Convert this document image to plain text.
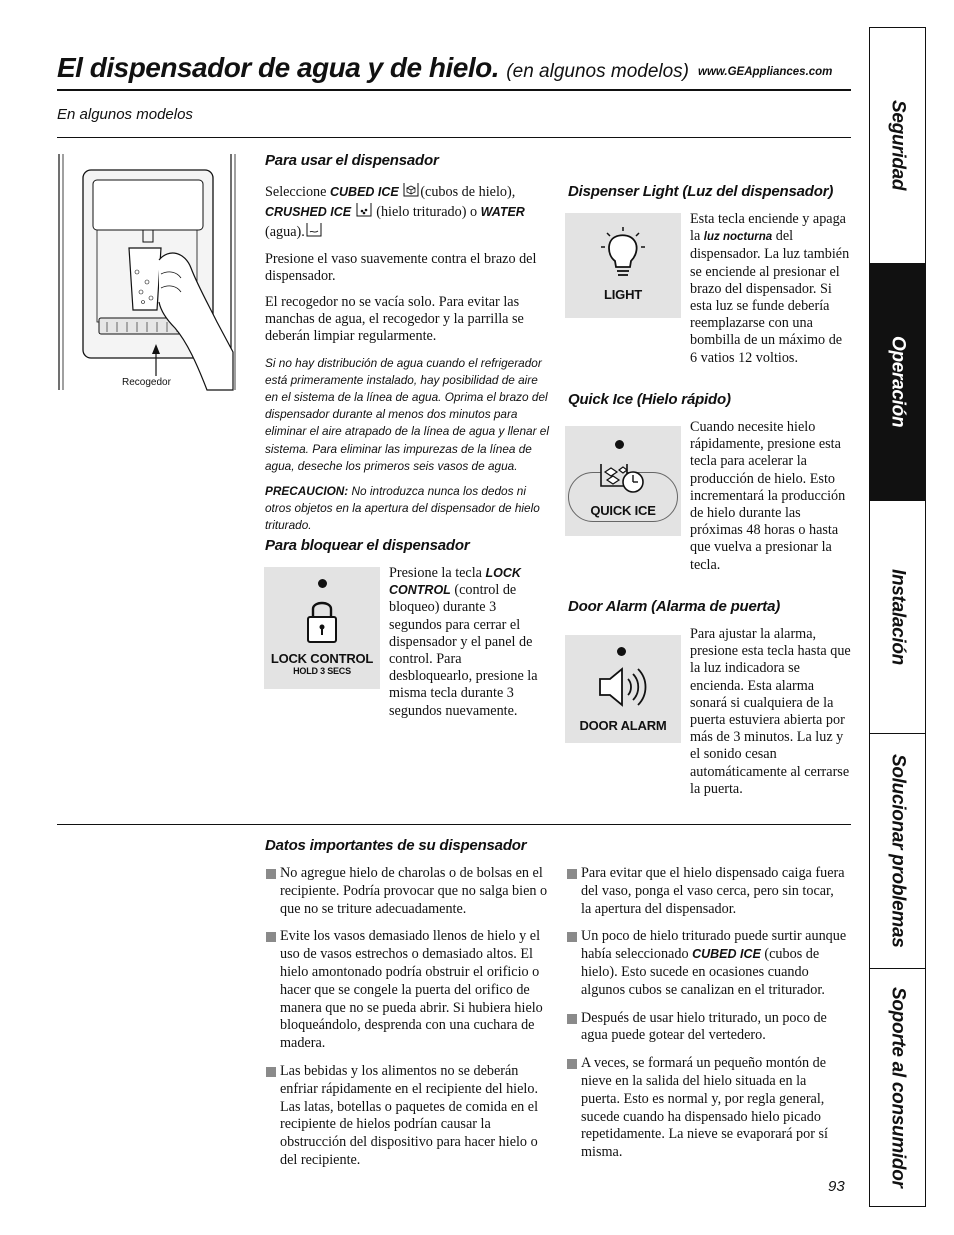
El dispensador de agua y de hielo. (en algunos modelos) www.GEAppliances.com
En algunos modelos
Recogedor
Para usar el dispensador

Seleccione CUBED ICE (cubos de hielo), CRUSHED ICE (hielo triturado) o WATER (agua).

Presione el vaso suavemente contra el brazo del dispensador.

El recogedor no se vacía solo. Para evitar las manchas de agua, el recogedor y la parrilla se deberán limpiar regularmente.

Si no hay distribución de agua cuando el refrigerador está primeramente instalado, hay posibilidad de aire en el sistema de la línea de agua. Oprima el brazo del dispensador durante al menos dos minutos para eliminar el aire atrapado de la línea de agua y llenar el sistema. Para eliminar las impurezas de la línea de agua, deseche los primeros seis vasos de agua.
PRECAUCION: No introduzca nunca los dedos ni otros objetos en la apertura del dispensador de hielo triturado.
Para bloquear el dispensador
LOCK CONTROL
HOLD 3 SECS
Presione la tecla LOCK CONTROL (control de bloqueo) durante 3 segundos para cerrar el dispensador y el panel de control. Para desbloquearlo, presione la misma tecla durante 3 segundos nuevamente.
Dispenser Light (Luz del dispensador)
LIGHT
Esta tecla enciende y apaga la luz nocturna del dispensador. La luz también se enciende al presionar el brazo del dispensador. Si esta luz se funde debería reemplazarse con una bombilla de un máximo de 6 vatios 12 voltios.
Quick Ice (Hielo rápido)
QUICK ICE
Cuando necesite hielo rápidamente, presione esta tecla para acelerar la producción de hielo. Esto incrementará la producción de hielo durante las próximas 48 horas o hasta que vuelva a presionar la tecla.
Door Alarm (Alarma de puerta)
DOOR ALARM
Para ajustar la alarma, presione esta tecla hasta que la luz indicadora se encienda. Esta alarma sonará si cualquiera de la puerta estuviera abierta por más de 3 minutos. La luz y el sonido cesan automáticamente al cerrarse la puerta.
Datos importantes de su dispensador
No agregue hielo de charolas o de bolsas en el recipiente. Podría provocar que no salga bien o que no se triture adecuadamente.
Evite los vasos demasiado llenos de hielo y el uso de vasos estrechos o demasiado altos. El hielo amontonado podría obstruir el orificio o hacer que se congele la puerta del orifico de manera que no se pueda abrir. Si hubiera hielo bloqueándolo, desprenda con una cuchara de madera.
Las bebidas y los alimentos no se deberán enfriar rápidamente en el recipiente del hielo. Las latas, botellas o paquetes de comida en el recipiente de hielos podrían causar la obstrucción del dispositivo para hacer hielo o del recipiente.
Para evitar que el hielo dispensado caiga fuera del vaso, ponga el vaso cerca, pero sin tocar, la apertura del dispensador.
Un poco de hielo triturado puede surtir aunque había seleccionado CUBED ICE (cubos de hielo). Esto sucede en ocasiones cuando algunos cubos se canalizan en el triturador.
Después de usar hielo triturado, un poco de agua puede gotear del vertedero.
A veces, se formará un pequeño montón de nieve en la salida del hielo situada en la puerta. Esto es normal y, por regla general, sucede cuando ha dispensado hielo picado repetidamente. La nieve se evaporará por sí misma.
93
Seguridad
Operación
Instalación
Solucionar problemas
Soporte al consumidor
